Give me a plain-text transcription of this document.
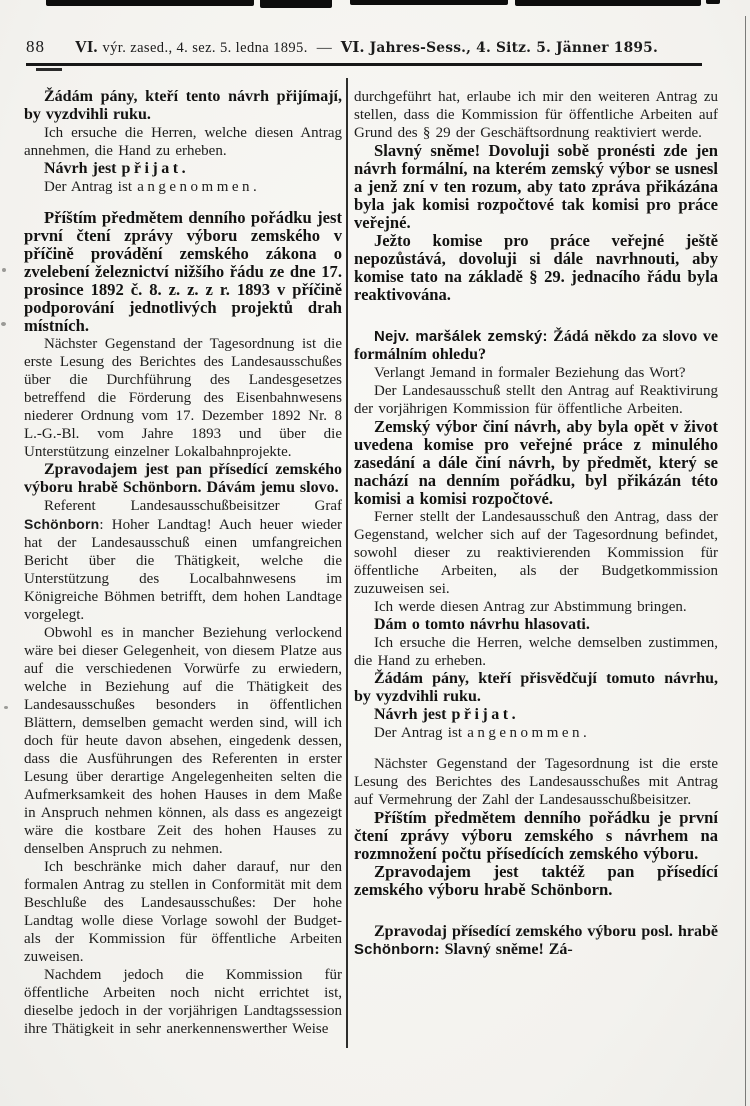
88 VI. výr. zased., 4. sez. 5. ledna 1895. — VI. Jahres-Sess., 4. Sitz. 5. Jänner 1895.

Žádám pány, kteří tento návrh přijímají, by vyzdvihli ruku.

Ich ersuche die Herren, welche diesen Antrag annehmen, die Hand zu erheben.

Návrh jest přijat.

Der Antrag ist angenommen.

Příštím předmětem denního pořádku jest první čtení zprávy výboru zemského v příčině provádění zemského zákona o zvelebení železnictví nižšího řádu ze dne 17. prosince 1892 č. 8. z. z. z r. 1893 v příčině podporování jednotlivých projektů drah místních.

Nächster Gegenstand der Tagesordnung ist die erste Lesung des Berichtes des Landesausschußes über die Durchführung des Landesgesetzes betreffend die Förderung des Eisenbahnwesens niederer Ordnung vom 17. Dezember 1892 Nr. 8 L.-G.-Bl. vom Jahre 1893 und über die Unterstützung einzelner Lokalbahnprojekte.

Zpravodajem jest pan přísedící zemského výboru hrabě Schönborn. Dávám jemu slovo.

Referent Landesausschußbeisitzer Graf Schönborn: Hoher Landtag! Auch heuer wieder hat der Landesausschuß einen umfangreichen Bericht über die Thätigkeit, welche die Unterstützung des Localbahnwesens im Königreiche Böhmen betrifft, dem hohen Landtage vorgelegt.

Obwohl es in mancher Beziehung verlockend wäre bei dieser Gelegenheit, von diesem Platze aus auf die verschiedenen Vorwürfe zu erwiedern, welche in Beziehung auf die Thätigkeit des Landesausschußes besonders in öffentlichen Blättern, demselben gemacht werden sind, will ich doch für heute davon absehen, eingedenk dessen, dass die Ausführungen des Referenten in erster Lesung über derartige Angelegenheiten selten die Aufmerksamkeit des hohen Hauses in dem Maße in Anspruch nehmen können, als dass es angezeigt wäre die kostbare Zeit des hohen Hauses zu denselben Anspruch zu nehmen.

Ich beschränke mich daher darauf, nur den formalen Antrag zu stellen in Conformität mit dem Beschluße des Landesausschußes: Der hohe Landtag wolle diese Vorlage sowohl der Budget- als der Kommission für öffentliche Arbeiten zuweisen.

Nachdem jedoch die Kommission für öffentliche Arbeiten noch nicht errichtet ist, dieselbe jedoch in der vorjährigen Landtagssession ihre Thätigkeit in sehr anerkennenswerther Weise

durchgeführt hat, erlaube ich mir den weiteren Antrag zu stellen, dass die Kommission für öffentliche Arbeiten auf Grund des § 29 der Geschäftsordnung reaktiviert werde.

Slavný sněme! Dovoluji sobě pronésti zde jen návrh formální, na kterém zemský výbor se usnesl a jenž zní v ten rozum, aby tato zpráva přikázána byla jak komisi rozpočtové tak komisi pro práce veřejné.

Ježto komise pro práce veřejné ještě nepozůstává, dovoluji si dále navrhnouti, aby komise tato na základě § 29. jednacího řádu byla reaktivována.

Nejv. maršálek zemský: Žádá někdo za slovo ve formálním ohledu?

Verlangt Jemand in formaler Beziehung das Wort?

Der Landesausschuß stellt den Antrag auf Reaktivirung der vorjährigen Kommission für öffentliche Arbeiten.

Zemský výbor činí návrh, aby byla opět v život uvedena komise pro veřejné práce z minulého zasedání a dále činí návrh, by předmět, který se nachází na denním pořádku, byl přikázán této komisi a komisi rozpočtové.

Ferner stellt der Landesausschuß den Antrag, dass der Gegenstand, welcher sich auf der Tagesordnung befindet, sowohl dieser zu reaktivierenden Kommission für öffentliche Arbeiten, als der Budgetkommission zuzuweisen sei.

Ich werde diesen Antrag zur Abstimmung bringen.

Dám o tomto návrhu hlasovati.

Ich ersuche die Herren, welche demselben zustimmen, die Hand zu erheben.

Žádám pány, kteří přisvědčují tomuto návrhu, by vyzdvihli ruku.

Návrh jest přijat.

Der Antrag ist angenommen.

Nächster Gegenstand der Tagesordnung ist die erste Lesung des Berichtes des Landesausschußes mit Antrag auf Vermehrung der Zahl der Landesausschußbeisitzer.

Příštím předmětem denního pořádku je první čtení zprávy výboru zemského s návrhem na rozmnožení počtu přísedících zemského výboru.

Zpravodajem jest taktéž pan přísedící zemského výboru hrabě Schönborn.

Zpravodaj přísedící zemského výboru posl. hrabě Schönborn: Slavný sněme! Zá-
